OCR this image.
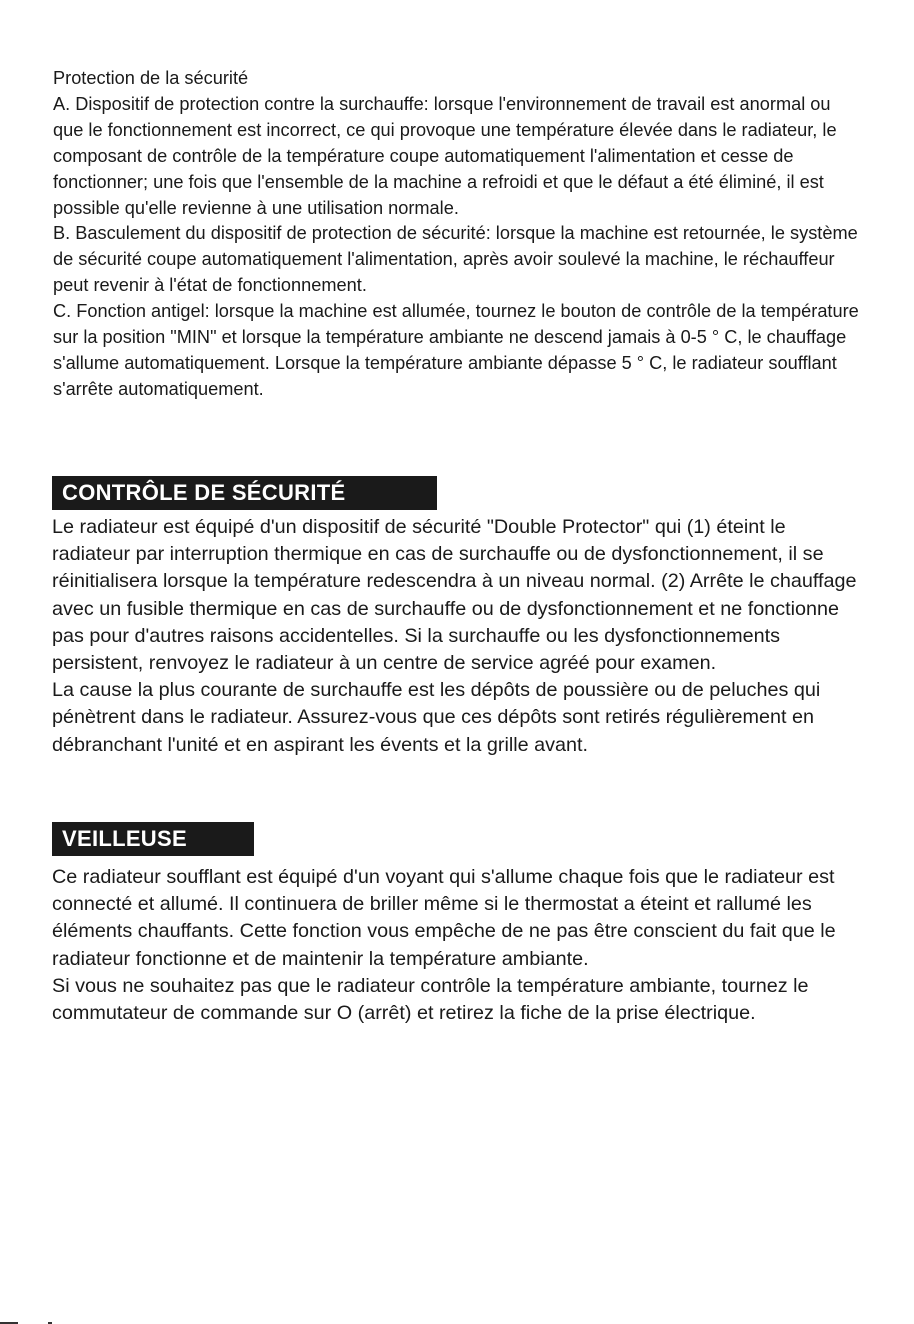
Protection de la sécurité

A. Dispositif de protection contre la surchauffe: lorsque l'environnement de travail est anormal ou que le fonctionnement est incorrect, ce qui provoque une température élevée dans le radiateur, le composant de contrôle de la température coupe automatiquement l'alimentation et cesse de fonctionner; une fois que l'ensemble de la machine a refroidi et que le défaut a été éliminé, il est possible qu'elle revienne à une utilisation normale.

B. Basculement du dispositif de protection de sécurité: lorsque la machine est retournée, le système de sécurité coupe automatiquement l'alimentation, après avoir soulevé la machine, le réchauffeur peut revenir à l'état de fonctionnement.

C. Fonction antigel: lorsque la machine est allumée, tournez le bouton de contrôle de la température sur la position "MIN" et lorsque la température ambiante ne descend jamais à 0-5 ° C, le chauffage s'allume automatiquement. Lorsque la température ambiante dépasse 5 ° C, le radiateur soufflant s'arrête automatiquement.

CONTRÔLE DE SÉCURITÉ

Le radiateur est équipé d'un dispositif de sécurité "Double Protector" qui (1) éteint le radiateur par interruption thermique en cas de surchauffe ou de dysfonctionnement, il se réinitialisera lorsque la température redescendra à un niveau normal. (2) Arrête le chauffage avec un fusible thermique en cas de surchauffe ou de dysfonctionnement et ne fonctionne pas pour d'autres raisons accidentelles. Si la surchauffe ou les dysfonctionnements persistent, renvoyez le radiateur à un centre de service agréé pour examen.

La cause la plus courante de surchauffe est les dépôts de poussière ou de peluches qui pénètrent dans le radiateur. Assurez-vous que ces dépôts sont retirés régulièrement en débranchant l'unité et en aspirant les évents et la grille avant.

VEILLEUSE

Ce radiateur soufflant est équipé d'un voyant qui s'allume chaque fois que le radiateur est connecté et allumé. Il continuera de briller même si le thermostat a éteint et rallumé les éléments chauffants. Cette fonction vous empêche de ne pas être conscient du fait que le radiateur fonctionne et de maintenir la température ambiante.

Si vous ne souhaitez pas que le radiateur contrôle la température ambiante, tournez le commutateur de commande sur O (arrêt) et retirez la fiche de la prise électrique.
